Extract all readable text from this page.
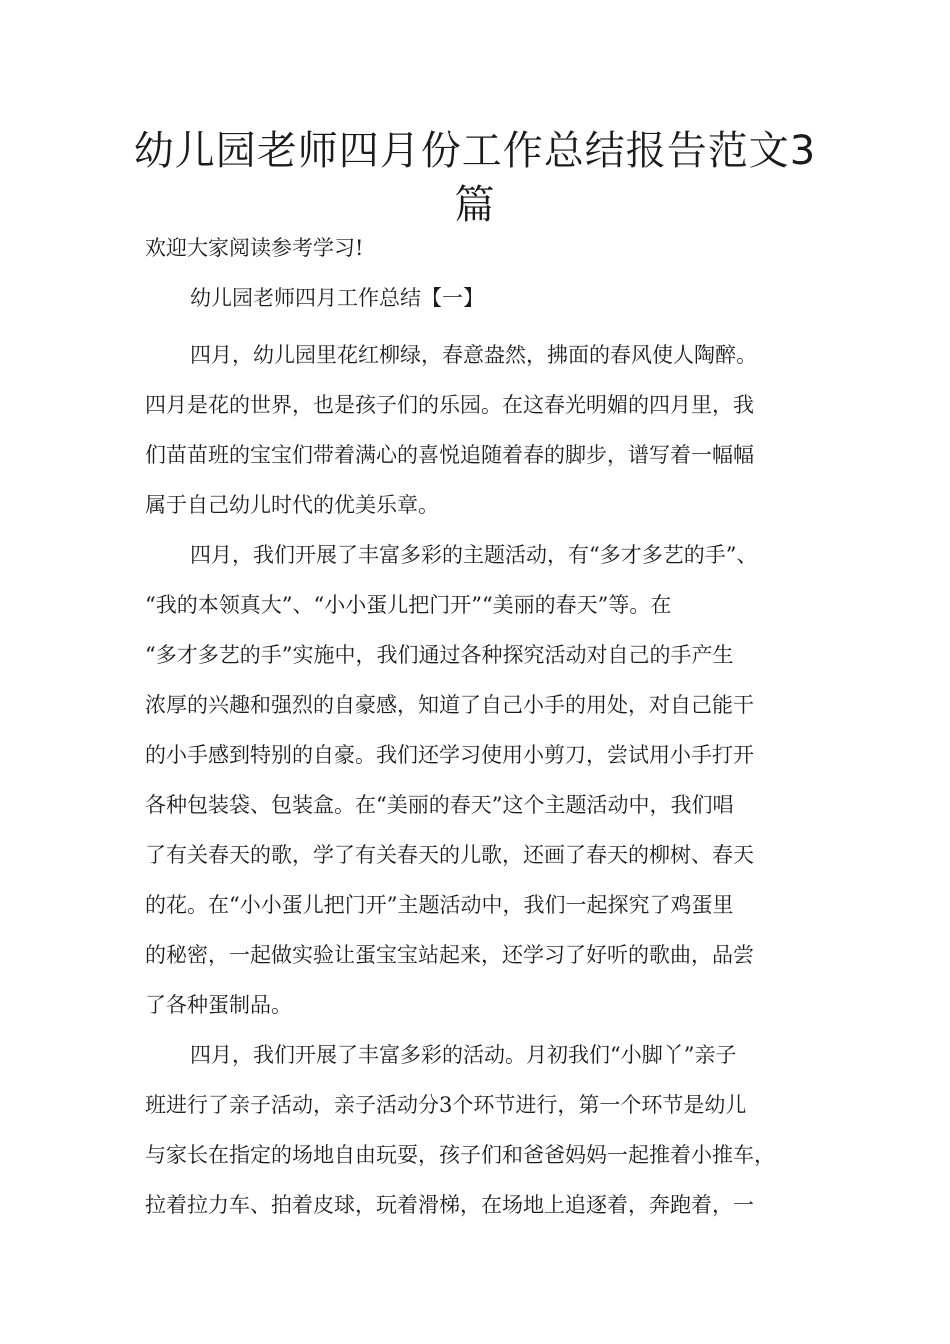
幼儿园老师四月份工作总结报告范文3
篇

欢迎大家阅读参考学习!

幼儿园老师四月工作总结【一】

四月，幼儿园里花红柳绿，春意盎然，拂面的春风使人陶醉。
四月是花的世界，也是孩子们的乐园。在这春光明媚的四月里，我
们苗苗班的宝宝们带着满心的喜悦追随着春的脚步，谱写着一幅幅
属于自己幼儿时代的优美乐章。

四月，我们开展了丰富多彩的主题活动，有“多才多艺的手”、
“我的本领真大”、“小小蛋儿把门开”“美丽的春天”等。在
“多才多艺的手”实施中，我们通过各种探究活动对自己的手产生
浓厚的兴趣和强烈的自豪感，知道了自己小手的用处，对自己能干
的小手感到特别的自豪。我们还学习使用小剪刀，尝试用小手打开
各种包装袋、包装盒。在“美丽的春天”这个主题活动中，我们唱
了有关春天的歌，学了有关春天的儿歌，还画了春天的柳树、春天
的花。在“小小蛋儿把门开”主题活动中，我们一起探究了鸡蛋里
的秘密，一起做实验让蛋宝宝站起来，还学习了好听的歌曲，品尝
了各种蛋制品。

四月，我们开展了丰富多彩的活动。月初我们“小脚丫”亲子
班进行了亲子活动，亲子活动分3个环节进行，第一个环节是幼儿
与家长在指定的场地自由玩耍，孩子们和爸爸妈妈一起推着小推车，
拉着拉力车、拍着皮球，玩着滑梯，在场地上追逐着，奔跑着，一
